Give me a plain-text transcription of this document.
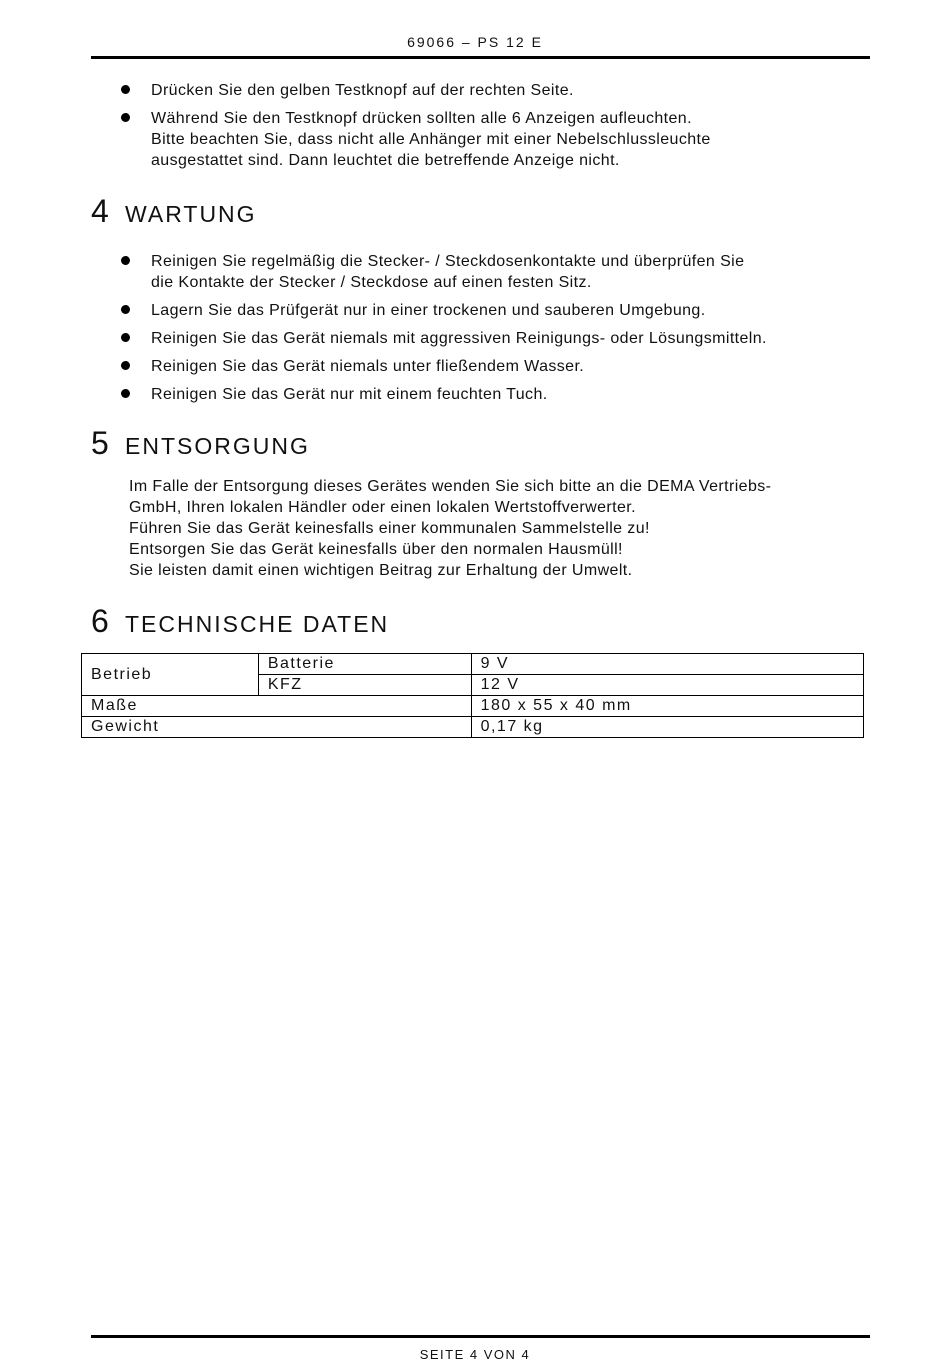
69066 – PS 12 E
Drücken Sie den gelben Testknopf auf der rechten Seite.
Während Sie den Testknopf drücken sollten alle 6 Anzeigen aufleuchten.
Bitte beachten Sie, dass nicht alle Anhänger mit einer Nebelschlussleuchte
ausgestattet sind. Dann leuchtet die betreffende Anzeige nicht.
4 WARTUNG
Reinigen Sie regelmäßig die Stecker- / Steckdosenkontakte und überprüfen Sie
die Kontakte der Stecker / Steckdose auf einen festen Sitz.
Lagern Sie das Prüfgerät nur in einer trockenen und sauberen Umgebung.
Reinigen Sie das Gerät niemals mit aggressiven Reinigungs- oder Lösungsmitteln.
Reinigen Sie das Gerät niemals unter fließendem Wasser.
Reinigen Sie das Gerät nur mit einem feuchten Tuch.
5 ENTSORGUNG
Im Falle der Entsorgung dieses Gerätes wenden Sie sich bitte an die DEMA Vertriebs-
GmbH, Ihren lokalen Händler oder einen lokalen Wertstoffverwerter.
Führen Sie das Gerät keinesfalls einer kommunalen Sammelstelle zu!
Entsorgen Sie das Gerät keinesfalls über den normalen Hausmüll!
Sie leisten damit einen wichtigen Beitrag zur Erhaltung der Umwelt.
6 TECHNISCHE DATEN
Betrieb	Batterie	9 V
	KFZ	12 V
Maße		180 x 55 x 40 mm
Gewicht		0,17 kg
SEITE 4 VON 4
